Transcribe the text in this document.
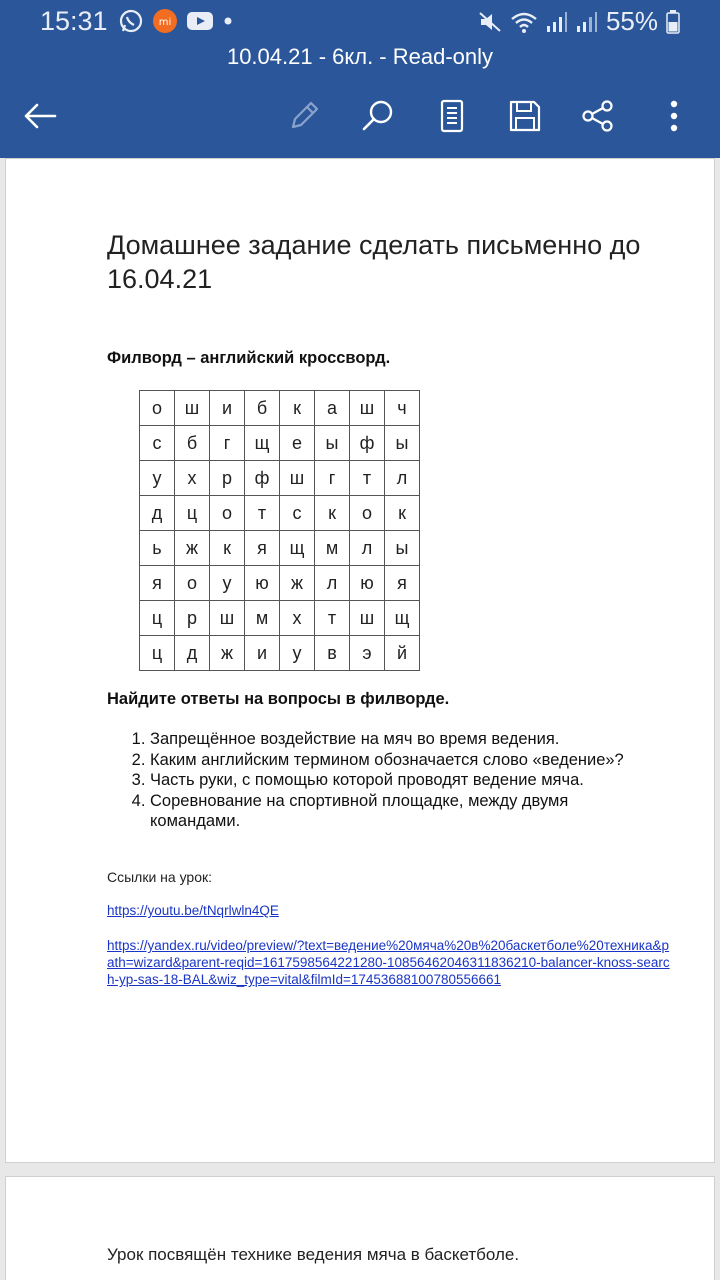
15:31	mi	55%
10.04.21 - 6кл. - Read-only
Домашнее задание сделать письменно до 16.04.21
Филворд – английский кроссворд.
о	ш	и	б	к	а	ш	ч
с	б	г	щ	е	ы	ф	ы
у	х	р	ф	ш	г	т	л
д	ц	о	т	с	к	о	к
ь	ж	к	я	щ	м	л	ы
я	о	у	ю	ж	л	ю	я
ц	р	ш	м	х	т	ш	щ
ц	д	ж	и	у	в	э	й
Найдите ответы на вопросы в филворде.
1. Запрещённое воздействие на мяч во время ведения.
2. Каким английским термином обозначается слово «ведение»?
3. Часть руки, с помощью которой проводят ведение мяча.
4. Соревнование на спортивной площадке, между двумя командами.
Ссылки на урок:
https://youtu.be/tNqrlwln4QE
https://yandex.ru/video/preview/?text=ведение%20мяча%20в%20баскетболе%20техника&path=wizard&parent-reqid=1617598564221280-10856462046311836210-balancer-knoss-search-yp-sas-18-BAL&wiz_type=vital&filmId=17453688100780556661
Урок посвящён технике ведения мяча в баскетболе.
